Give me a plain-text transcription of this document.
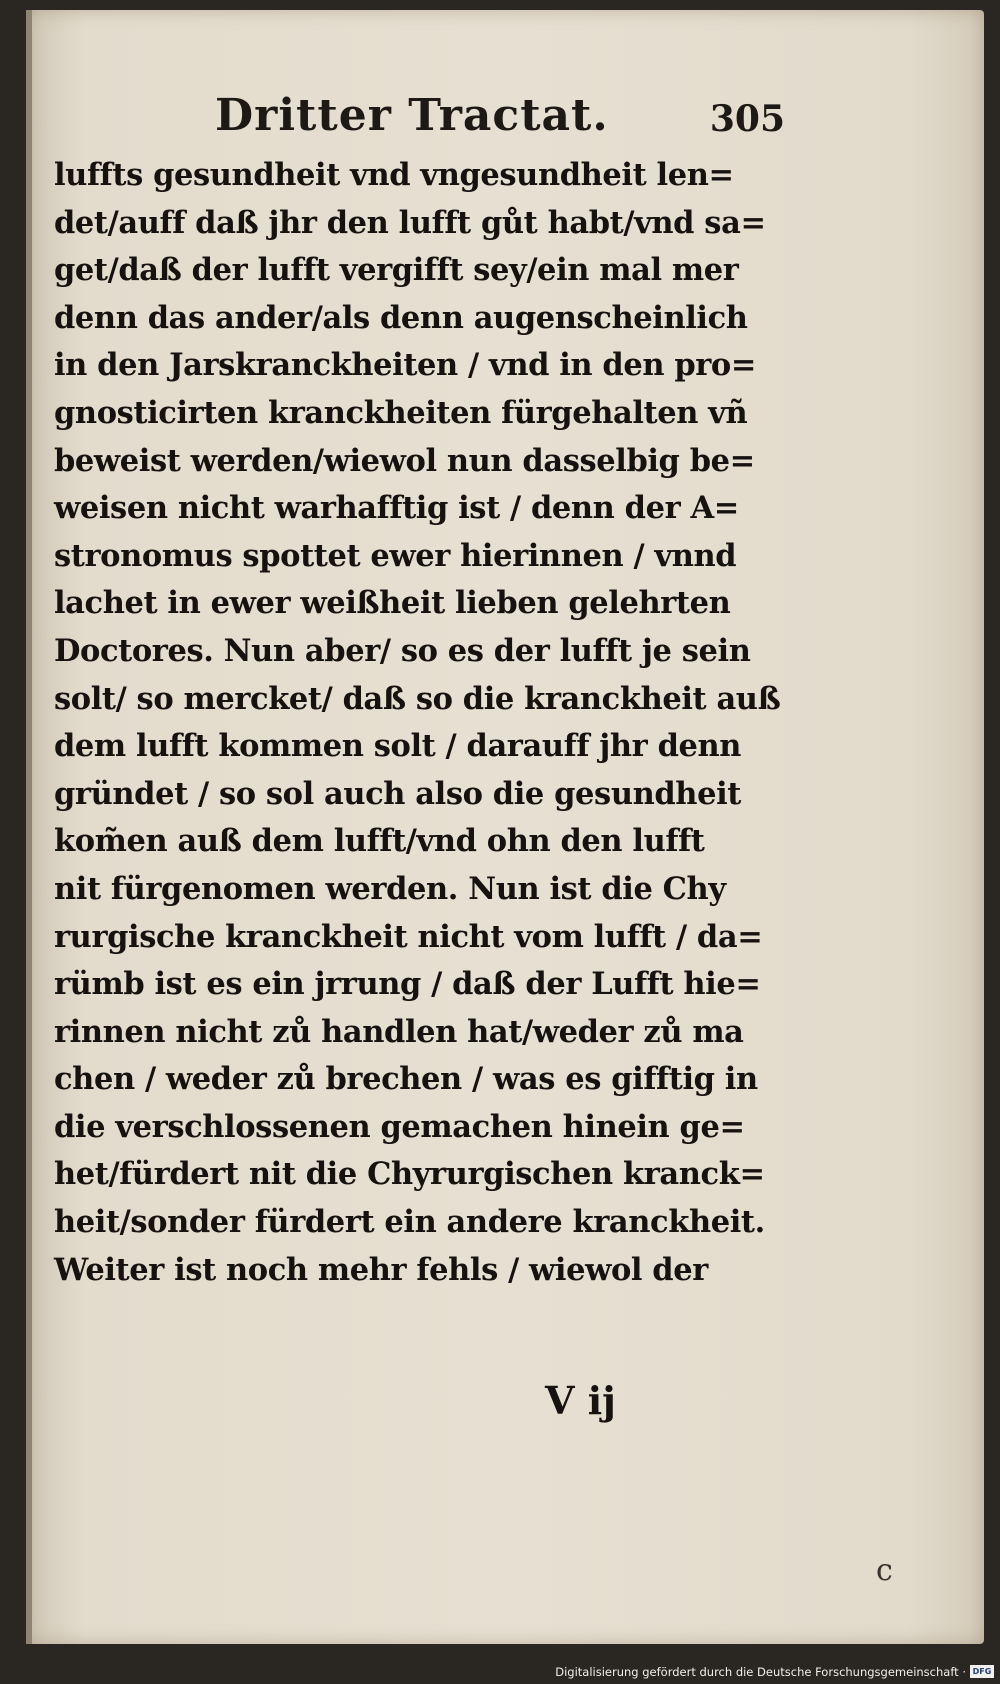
Dritter Tractat.	305
luffts gesundheit vnd vngesundheit len=
det/auff daß jhr den lufft gůt habt/vnd sa=
get/daß der lufft vergifft sey/ein mal mer
denn das ander/als denn augenscheinlich
in den Jarskranckheiten / vnd in den pro=
gnosticirten kranckheiten fürgehalten vñ
beweist werden/wiewol nun dasselbig be=
weisen nicht warhafftig ist / denn der A=
stronomus spottet ewer hierinnen / vnnd
lachet in ewer weißheit lieben gelehrten
Doctores. Nun aber/ so es der lufft je sein
solt/ so mercket/ daß so die kranckheit auß
dem lufft kommen solt / darauff jhr denn
gründet / so sol auch also die gesundheit
kom̃en auß dem lufft/vnd ohn den lufft
nit fürgenomen werden. Nun ist die Chy
rurgische kranckheit nicht vom lufft / da=
rümb ist es ein jrrung / daß der Lufft hie=
rinnen nicht zů handlen hat/weder zů ma
chen / weder zů brechen / was es gifftig in
die verschlossenen gemachen hinein ge=
het/fürdert nit die Chyrurgischen kranck=
heit/sonder fürdert ein andere kranckheit.
Weiter ist noch mehr fehls / wiewol der
V ij
c
Digitalisierung gefördert durch die Deutsche Forschungsgemeinschaft · DFG
